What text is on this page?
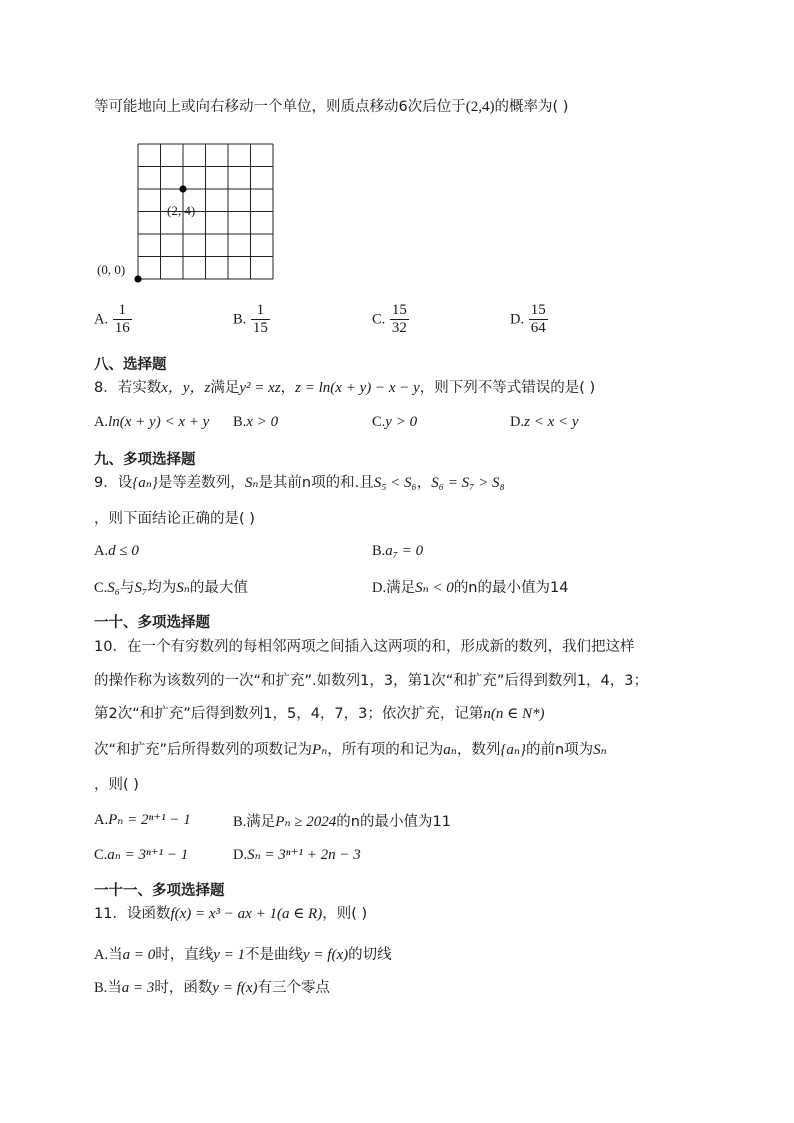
等可能地向上或向右移动一个单位，则质点移动6次后位于(2,4)的概率为( )
(2, 4)
(0, 0)
A. $\frac{1}{16}$	B. $\frac{1}{15}$	C. $\frac{15}{32}$	D. $\frac{15}{64}$
八、选择题
8．若实数x，y，z满足y² = xz，z = ln(x + y) − x − y，则下列不等式错误的是( )
A.ln(x + y) < x + y B.x > 0	C.y > 0	D.z < x < y
九、多项选择题
9．设{aₙ}是等差数列，Sₙ是其前n项的和.且S₅ < S₆，S₆ = S₇ > S₈
，则下面结论正确的是( )
A.d ≤ 0	B.a₇ = 0
C.S₆与S₇均为Sₙ的最大值	D.满足Sₙ < 0的n的最小值为14
一十、多项选择题
10．在一个有穷数列的每相邻两项之间插入这两项的和，形成新的数列，我们把这样
的操作称为该数列的一次“和扩充”.如数列1，3，第1次“和扩充”后得到数列1，4，3；
第2次“和扩充”后得到数列1，5，4，7，3；依次扩充，记第n(n ∈ N*)
次“和扩充”后所得数列的项数记为Pₙ，所有项的和记为aₙ，数列{aₙ}的前n项为Sₙ
，则( )
A.Pₙ = 2ⁿ⁺¹ − 1	B.满足Pₙ ≥ 2024的n的最小值为11
C.aₙ = 3ⁿ⁺¹ − 1	D.Sₙ = 3ⁿ⁺¹ + 2n − 3
一十一、多项选择题
11．设函数f(x) = x³ − ax + 1(a ∈ R)，则( )
A.当a = 0时，直线y = 1不是曲线y = f(x)的切线
B.当a = 3时，函数y = f(x)有三个零点
